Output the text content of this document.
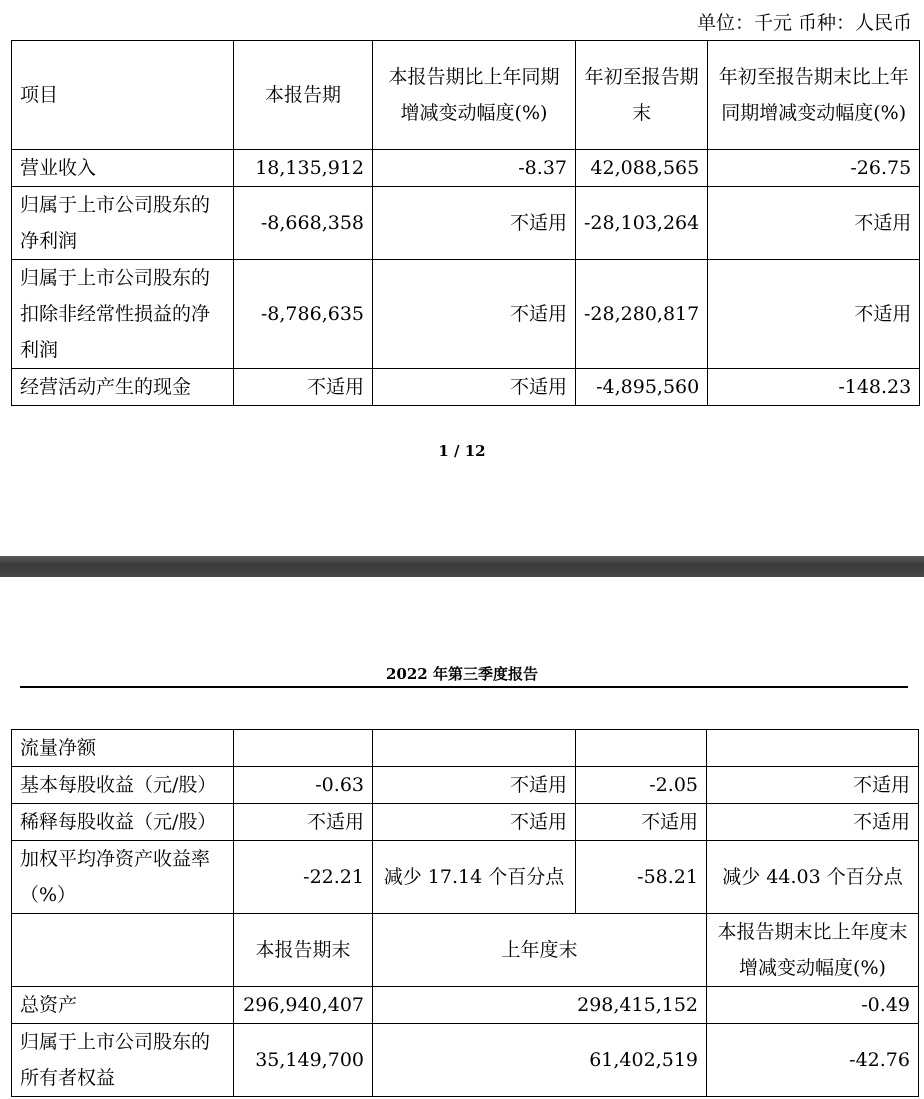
单位：千元 币种：人民币
项目	本报告期	本报告期比上年同期增减变动幅度(%)	年初至报告期末	年初至报告期末比上年同期增减变动幅度(%)
营业收入	18,135,912	-8.37	42,088,565	-26.75
归属于上市公司股东的净利润	-8,668,358	不适用	-28,103,264	不适用
归属于上市公司股东的扣除非经常性损益的净利润	-8,786,635	不适用	-28,280,817	不适用
经营活动产生的现金	不适用	不适用	-4,895,560	-148.23
1 / 12
2022 年第三季度报告
流量净额				
基本每股收益（元/股）	-0.63	不适用	-2.05	不适用
稀释每股收益（元/股）	不适用	不适用	不适用	不适用
加权平均净资产收益率（%）	-22.21	减少 17.14 个百分点	-58.21	减少 44.03 个百分点
	本报告期末	上年度末		本报告期末比上年度末增减变动幅度(%)
总资产	296,940,407	298,415,152		-0.49
归属于上市公司股东的所有者权益	35,149,700	61,402,519		-42.76
